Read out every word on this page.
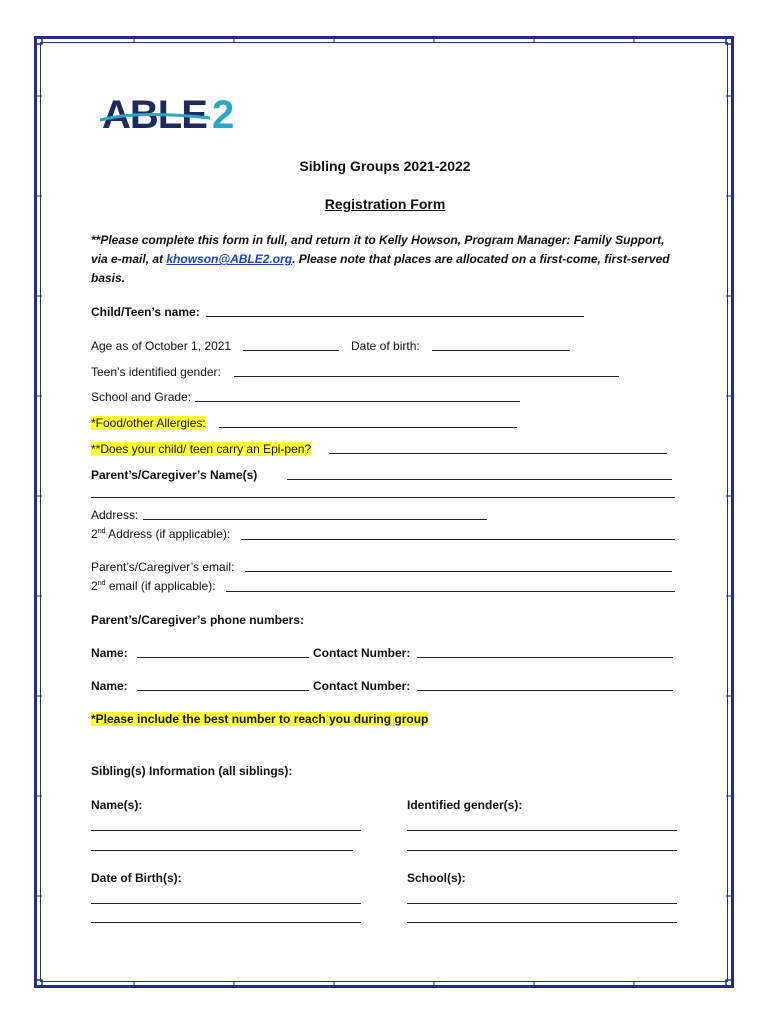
ABLE 2
Sibling Groups 2021-2022
Registration Form
**Please complete this form in full, and return it to Kelly Howson, Program Manager: Family Support,
via e-mail, at khowson@ABLE2.org. Please note that places are allocated on a first-come, first-served
basis.
Child/Teen’s name:
Age as of October 1, 2021	Date of birth:
Teen’s identified gender:
School and Grade:
*Food/other Allergies:
**Does your child/ teen carry an Epi-pen?
Parent’s/Caregiver’s Name(s)
Address:
2nd Address (if applicable):
Parent’s/Caregiver’s email:
2nd email (if applicable):
Parent’s/Caregiver’s phone numbers:
Name:	Contact Number:
Name:	Contact Number:
*Please include the best number to reach you during group
Sibling(s) Information (all siblings):
Name(s):	Identified gender(s):
Date of Birth(s):	School(s):
